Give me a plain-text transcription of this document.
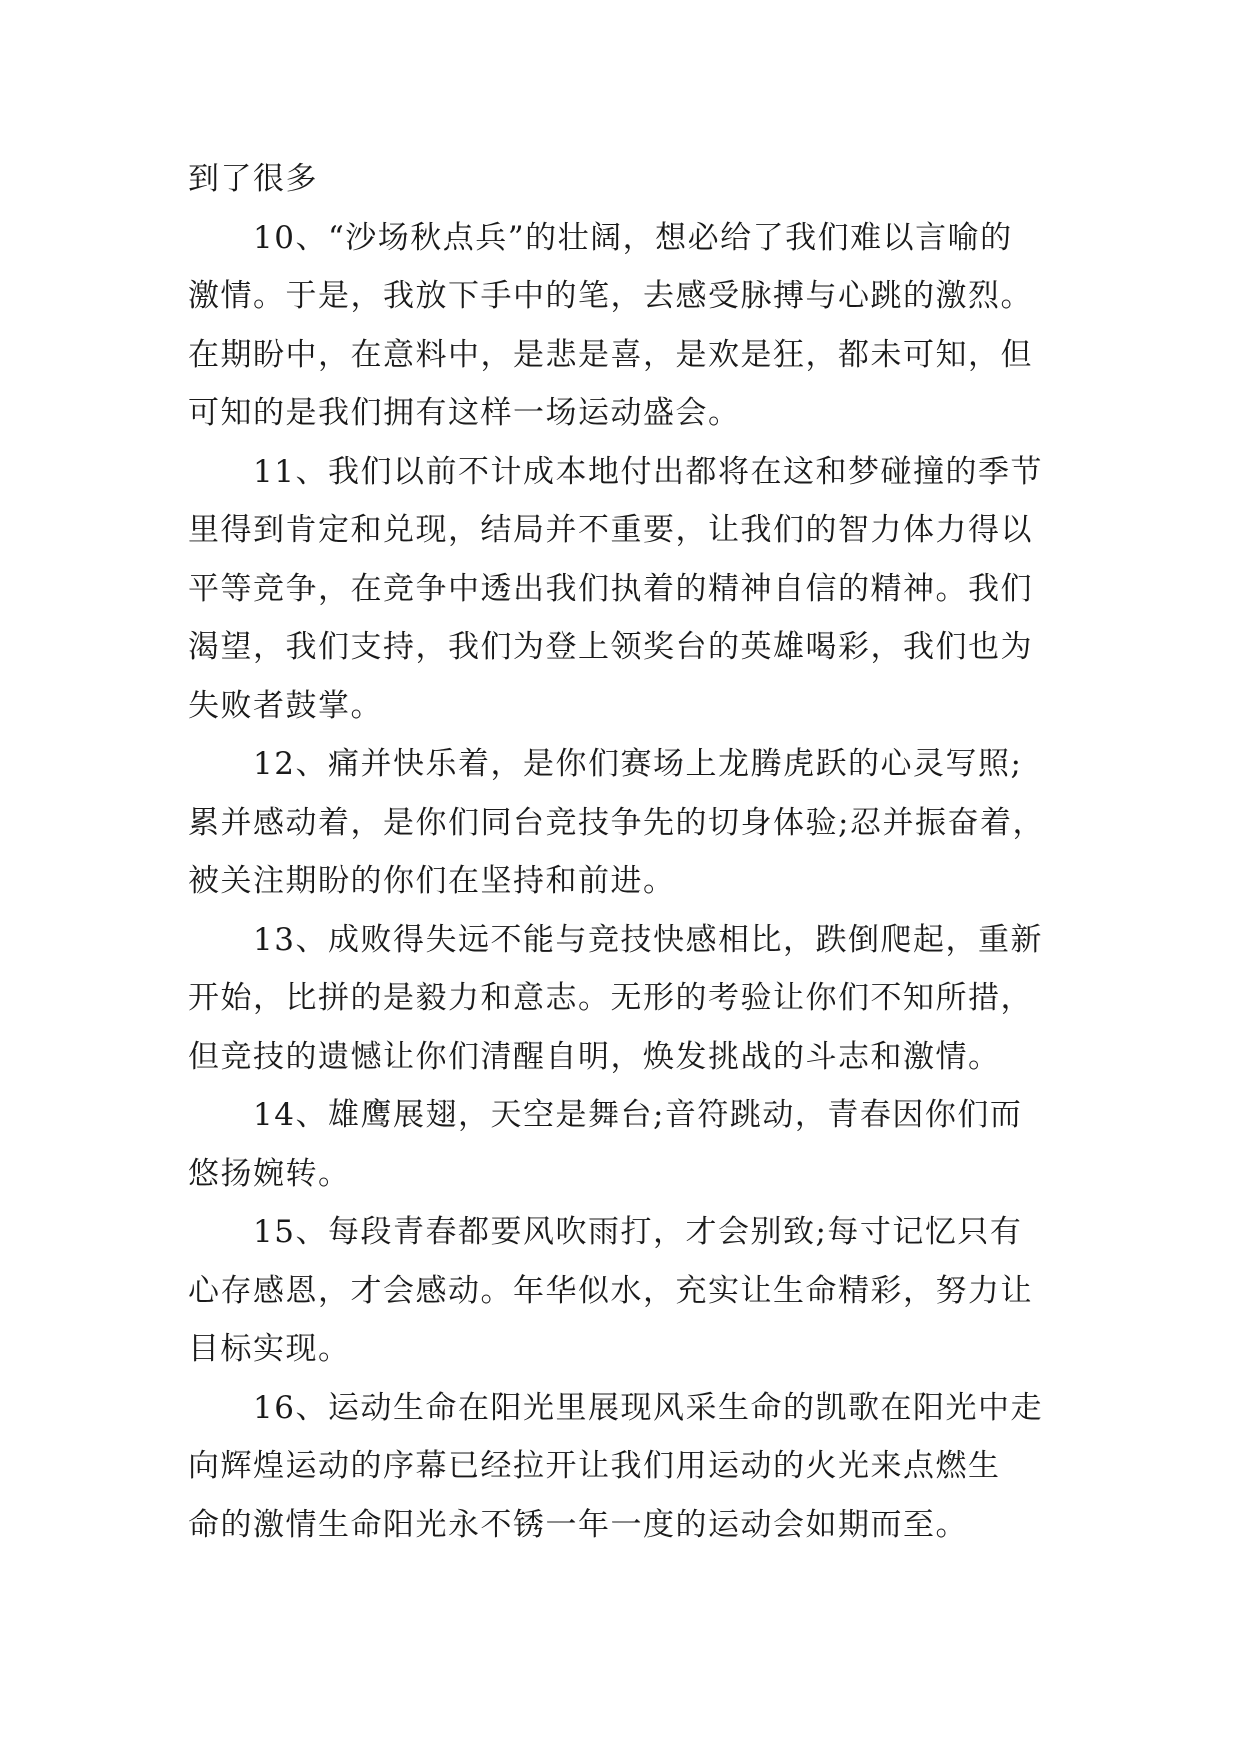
到了很多
10、“沙场秋点兵”的壮阔，想必给了我们难以言喻的
激情。于是，我放下手中的笔，去感受脉搏与心跳的激烈。
在期盼中，在意料中，是悲是喜，是欢是狂，都未可知，但
可知的是我们拥有这样一场运动盛会。
11、我们以前不计成本地付出都将在这和梦碰撞的季节
里得到肯定和兑现，结局并不重要，让我们的智力体力得以
平等竞争，在竞争中透出我们执着的精神自信的精神。我们
渴望，我们支持，我们为登上领奖台的英雄喝彩，我们也为
失败者鼓掌。
12、痛并快乐着，是你们赛场上龙腾虎跃的心灵写照;
累并感动着，是你们同台竞技争先的切身体验;忍并振奋着，
被关注期盼的你们在坚持和前进。
13、成败得失远不能与竞技快感相比，跌倒爬起，重新
开始，比拼的是毅力和意志。无形的考验让你们不知所措，
但竞技的遗憾让你们清醒自明，焕发挑战的斗志和激情。
14、雄鹰展翅，天空是舞台;音符跳动，青春因你们而
悠扬婉转。
15、每段青春都要风吹雨打，才会别致;每寸记忆只有
心存感恩，才会感动。年华似水，充实让生命精彩，努力让
目标实现。
16、运动生命在阳光里展现风采生命的凯歌在阳光中走
向辉煌运动的序幕已经拉开让我们用运动的火光来点燃生
命的激情生命阳光永不锈一年一度的运动会如期而至。
